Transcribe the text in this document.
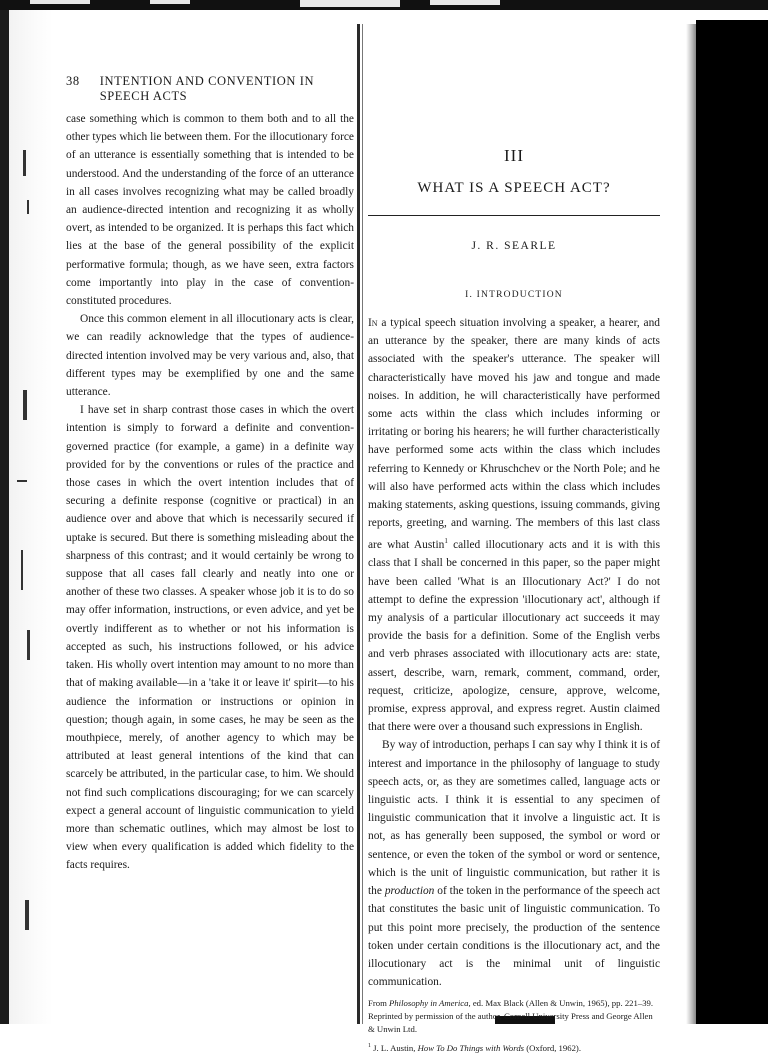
38 INTENTION AND CONVENTION IN SPEECH ACTS

case something which is common to them both and to all the other types which lie between them. For the illocutionary force of an utterance is essentially something that is intended to be understood. And the understanding of the force of an utterance in all cases involves recognizing what may be called broadly an audience-directed intention and recognizing it as wholly overt, as intended to be organized. It is perhaps this fact which lies at the base of the general possibility of the explicit performative formula; though, as we have seen, extra factors come importantly into play in the case of convention-constituted procedures.

Once this common element in all illocutionary acts is clear, we can readily acknowledge that the types of audience-directed intention involved may be very various and, also, that different types may be exemplified by one and the same utterance.

I have set in sharp contrast those cases in which the overt intention is simply to forward a definite and convention-governed practice (for example, a game) in a definite way provided for by the conventions or rules of the practice and those cases in which the overt intention includes that of securing a definite response (cognitive or practical) in an audience over and above that which is necessarily secured if uptake is secured. But there is something misleading about the sharpness of this contrast; and it would certainly be wrong to suppose that all cases fall clearly and neatly into one or another of these two classes. A speaker whose job it is to do so may offer information, instructions, or even advice, and yet be overtly indifferent as to whether or not his information is accepted as such, his instructions followed, or his advice taken. His wholly overt intention may amount to no more than that of making available—in a 'take it or leave it' spirit—to his audience the information or instructions or opinion in question; though again, in some cases, he may be seen as the mouthpiece, merely, of another agency to which may be attributed at least general intentions of the kind that can scarcely be attributed, in the particular case, to him. We should not find such complications discouraging; for we can scarcely expect a general account of linguistic communication to yield more than schematic outlines, which may almost be lost to view when every qualification is added which fidelity to the facts requires.

III
WHAT IS A SPEECH ACT?
J. R. SEARLE
I. INTRODUCTION

In a typical speech situation involving a speaker, a hearer, and an utterance by the speaker, there are many kinds of acts associated with the speaker's utterance. The speaker will characteristically have moved his jaw and tongue and made noises. In addition, he will characteristically have performed some acts within the class which includes informing or irritating or boring his hearers; he will further characteristically have performed some acts within the class which includes referring to Kennedy or Khruschchev or the North Pole; and he will also have performed acts within the class which includes making statements, asking questions, issuing commands, giving reports, greeting, and warning. The members of this last class are what Austin$^1$ called illocutionary acts and it is with this class that I shall be concerned in this paper, so the paper might have been called 'What is an Illocutionary Act?' I do not attempt to define the expression 'illocutionary act', although if my analysis of a particular illocutionary act succeeds it may provide the basis for a definition. Some of the English verbs and verb phrases associated with illocutionary acts are: state, assert, describe, warn, remark, comment, command, order, request, criticize, apologize, censure, approve, welcome, promise, express approval, and express regret. Austin claimed that there were over a thousand such expressions in English.

By way of introduction, perhaps I can say why I think it is of interest and importance in the philosophy of language to study speech acts, or, as they are sometimes called, language acts or linguistic acts. I think it is essential to any specimen of linguistic communication that it involve a linguistic act. It is not, as has generally been supposed, the symbol or word or sentence, or even the token of the symbol or word or sentence, which is the unit of linguistic communication, but rather it is the production of the token in the performance of the speech act that constitutes the basic unit of linguistic communication. To put this point more precisely, the production of the sentence token under certain conditions is the illocutionary act, and the illocutionary act is the minimal unit of linguistic communication.

From Philosophy in America, ed. Max Black (Allen & Unwin, 1965), pp. 221–39. Reprinted by permission of the author, Cornell University Press and George Allen & Unwin Ltd.

$^1$ J. L. Austin, How To Do Things with Words (Oxford, 1962).
